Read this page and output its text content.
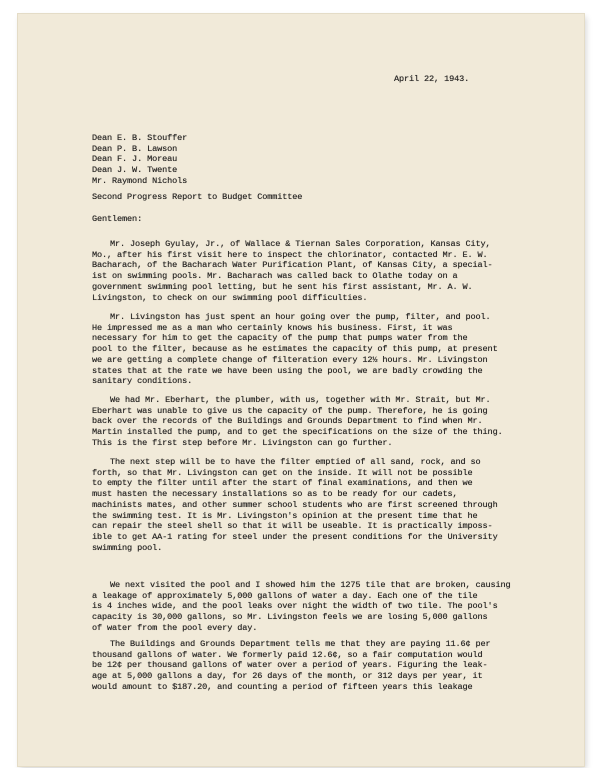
April 22, 1943.
Dean E. B. Stouffer
Dean P. B. Lawson
Dean F. J. Moreau
Dean J. W. Twente
Mr. Raymond Nichols
Second Progress Report to Budget Committee
Gentlemen:
Mr. Joseph Gyulay, Jr., of Wallace & Tiernan Sales Corporation, Kansas City,
Mo., after his first visit here to inspect the chlorinator, contacted Mr. E. W.
Bacharach, of the Bacharach Water Purification Plant, of Kansas City, a special-
ist on swimming pools. Mr. Bacharach was called back to Olathe today on a
government swimming pool letting, but he sent his first assistant, Mr. A. W.
Livingston, to check on our swimming pool difficulties.
Mr. Livingston has just spent an hour going over the pump, filter, and pool.
He impressed me as a man who certainly knows his business. First, it was
necessary for him to get the capacity of the pump that pumps water from the
pool to the filter, because as he estimates the capacity of this pump, at present
we are getting a complete change of filteration every 12½ hours. Mr. Livingston
states that at the rate we have been using the pool, we are badly crowding the
sanitary conditions.
We had Mr. Eberhart, the plumber, with us, together with Mr. Strait, but Mr.
Eberhart was unable to give us the capacity of the pump. Therefore, he is going
back over the records of the Buildings and Grounds Department to find when Mr.
Martin installed the pump, and to get the specifications on the size of the thing.
This is the first step before Mr. Livingston can go further.
The next step will be to have the filter emptied of all sand, rock, and so
forth, so that Mr. Livingston can get on the inside. It will not be possible
to empty the filter until after the start of final examinations, and then we
must hasten the necessary installations so as to be ready for our cadets,
machinists mates, and other summer school students who are first screened through
the swimming test. It is Mr. Livingston's opinion at the present time that he
can repair the steel shell so that it will be useable. It is practically imposs-
ible to get AA-1 rating for steel under the present conditions for the University
swimming pool.
We next visited the pool and I showed him the 1275 tile that are broken, causing
a leakage of approximately 5,000 gallons of water a day. Each one of the tile
is 4 inches wide, and the pool leaks over night the width of two tile. The pool's
capacity is 30,000 gallons, so Mr. Livingston feels we are losing 5,000 gallons
of water from the pool every day.
The Buildings and Grounds Department tells me that they are paying 11.6¢ per
thousand gallons of water. We formerly paid 12.6¢, so a fair computation would
be 12¢ per thousand gallons of water over a period of years. Figuring the leak-
age at 5,000 gallons a day, for 26 days of the month, or 312 days per year, it
would amount to $187.20, and counting a period of fifteen years this leakage
